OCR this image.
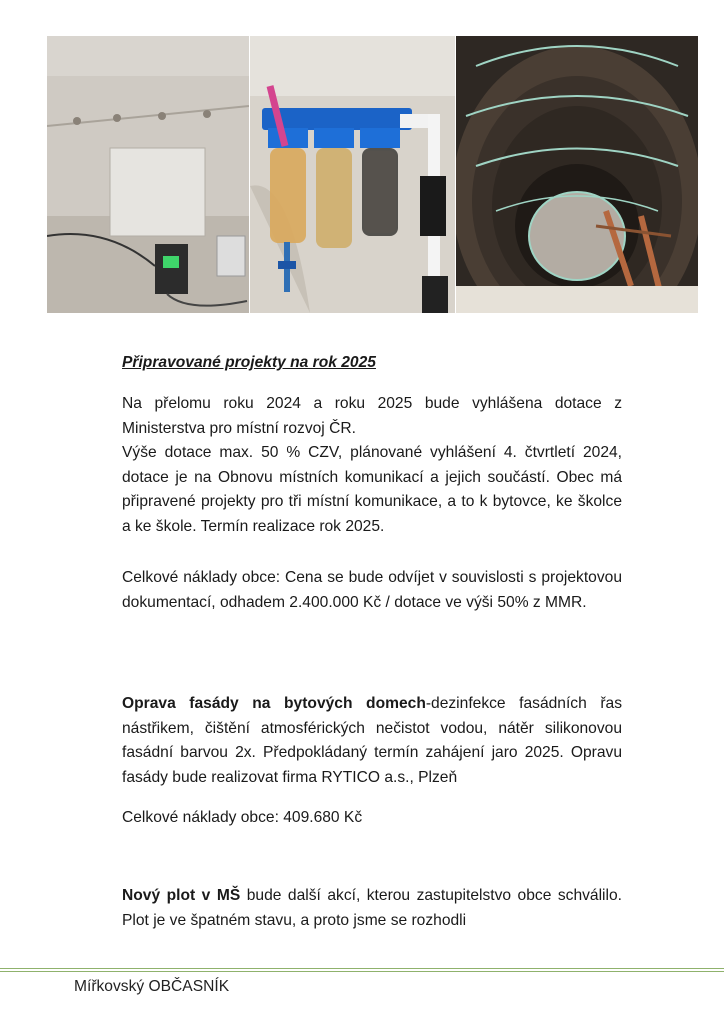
Připravované projekty na rok 2025

Na přelomu roku 2024 a roku 2025 bude vyhlášena dotace z Ministerstva pro místní rozvoj ČR.

Výše dotace max. 50 % CZV, plánované vyhlášení 4. čtvrtletí 2024, dotace je na Obnovu místních komunikací a jejich součástí. Obec má připravené projekty pro tři místní komunikace, a to k bytovce, ke školce a ke škole. Termín realizace rok 2025.

Celkové náklady obce: Cena se bude odvíjet v souvislosti s projektovou dokumentací, odhadem 2.400.000 Kč / dotace ve výši 50% z MMR.

Oprava fasády na bytových domech-dezinfekce fasádních řas nástřikem, čištění atmosférických nečistot vodou, nátěr silikonovou fasádní barvou 2x. Předpokládaný termín zahájení jaro 2025. Opravu fasády bude realizovat firma RYTICO a.s., Plzeň

Celkové náklady obce: 409.680 Kč

Nový plot v MŠ bude další akcí, kterou zastupitelstvo obce schválilo. Plot je ve špatném stavu, a proto jsme se rozhodli

Mířkovský OBČASNÍK
